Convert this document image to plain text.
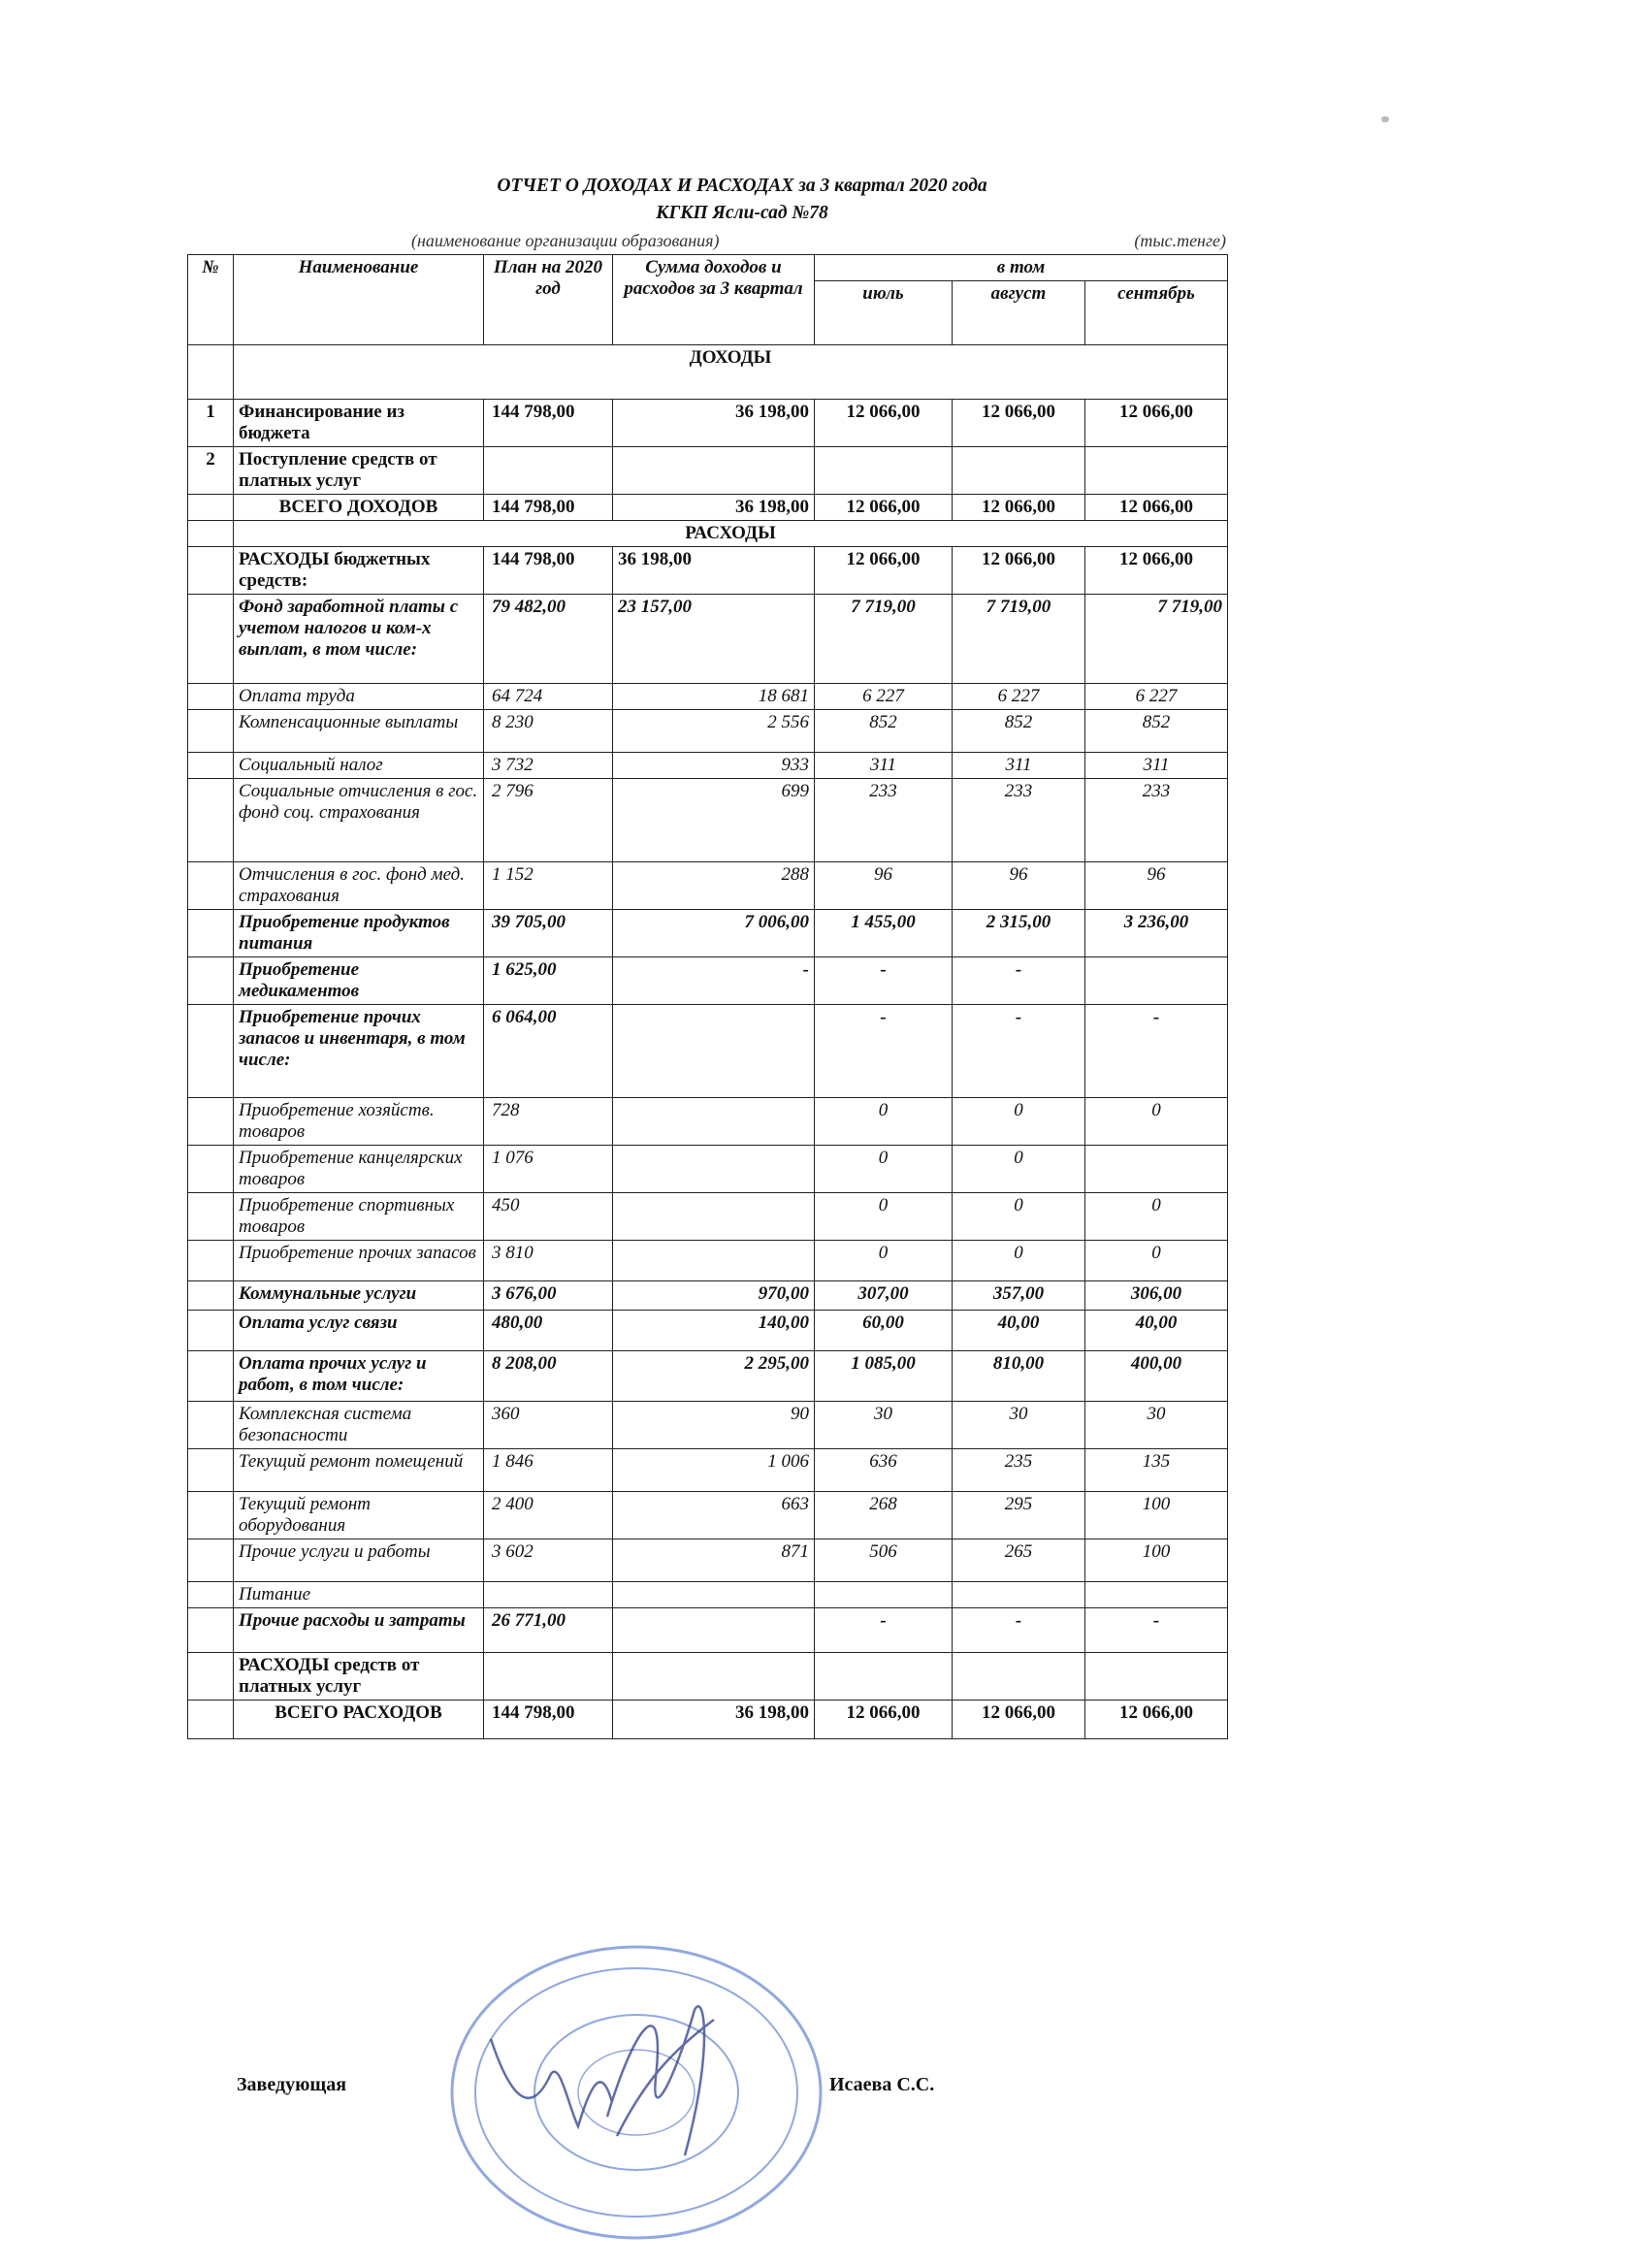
ОТЧЕТ О ДОХОДАХ И РАСХОДАХ за 3 квартал 2020 года
КГКП Ясли-сад №78
(наименование организации образования)	(тыс.тенге)
№	Наименование	План на 2020 год	Сумма доходов и расходов за 3 квартал	в том		
				июль	август	сентябрь
	ДОХОДЫ					
1	Финансирование из бюджета	144 798,00	36 198,00	12 066,00	12 066,00	12 066,00
2	Поступление средств от платных услуг					
	ВСЕГО ДОХОДОВ	144 798,00	36 198,00	12 066,00	12 066,00	12 066,00
	РАСХОДЫ					
	РАСХОДЫ бюджетных средств:	144 798,00	36 198,00	12 066,00	12 066,00	12 066,00
	Фонд заработной платы с учетом налогов и ком-х выплат, в том числе:	79 482,00	23 157,00	7 719,00	7 719,00	7 719,00
	Оплата труда	64 724	18 681	6 227	6 227	6 227
	Компенсационные выплаты	8 230	2 556	852	852	852
	Социальный налог	3 732	933	311	311	311
	Социальные отчисления в гос. фонд соц. страхования	2 796	699	233	233	233
	Отчисления в гос. фонд мед. страхования	1 152	288	96	96	96
	Приобретение продуктов питания	39 705,00	7 006,00	1 455,00	2 315,00	3 236,00
	Приобретение медикаментов	1 625,00	-	-	-	
	Приобретение прочих запасов и инвентаря, в том числе:	6 064,00		-	-	-
	Приобретение хозяйств. товаров	728		0	0	0
	Приобретение канцелярских товаров	1 076		0	0	
	Приобретение спортивных товаров	450		0	0	0
	Приобретение прочих запасов	3 810		0	0	0
	Коммунальные услуги	3 676,00	970,00	307,00	357,00	306,00
	Оплата услуг связи	480,00	140,00	60,00	40,00	40,00
	Оплата прочих услуг и работ, в том числе:	8 208,00	2 295,00	1 085,00	810,00	400,00
	Комплексная система безопасности	360	90	30	30	30
	Текущий ремонт помещений	1 846	1 006	636	235	135
	Текущий ремонт оборудования	2 400	663	268	295	100
	Прочие услуги и работы	3 602	871	506	265	100
	Питание					
	Прочие расходы и затраты	26 771,00		-	-	-
	РАСХОДЫ средств от платных услуг					
	ВСЕГО РАСХОДОВ	144 798,00	36 198,00	12 066,00	12 066,00	12 066,00
Заведующая	Исаева С.С.
